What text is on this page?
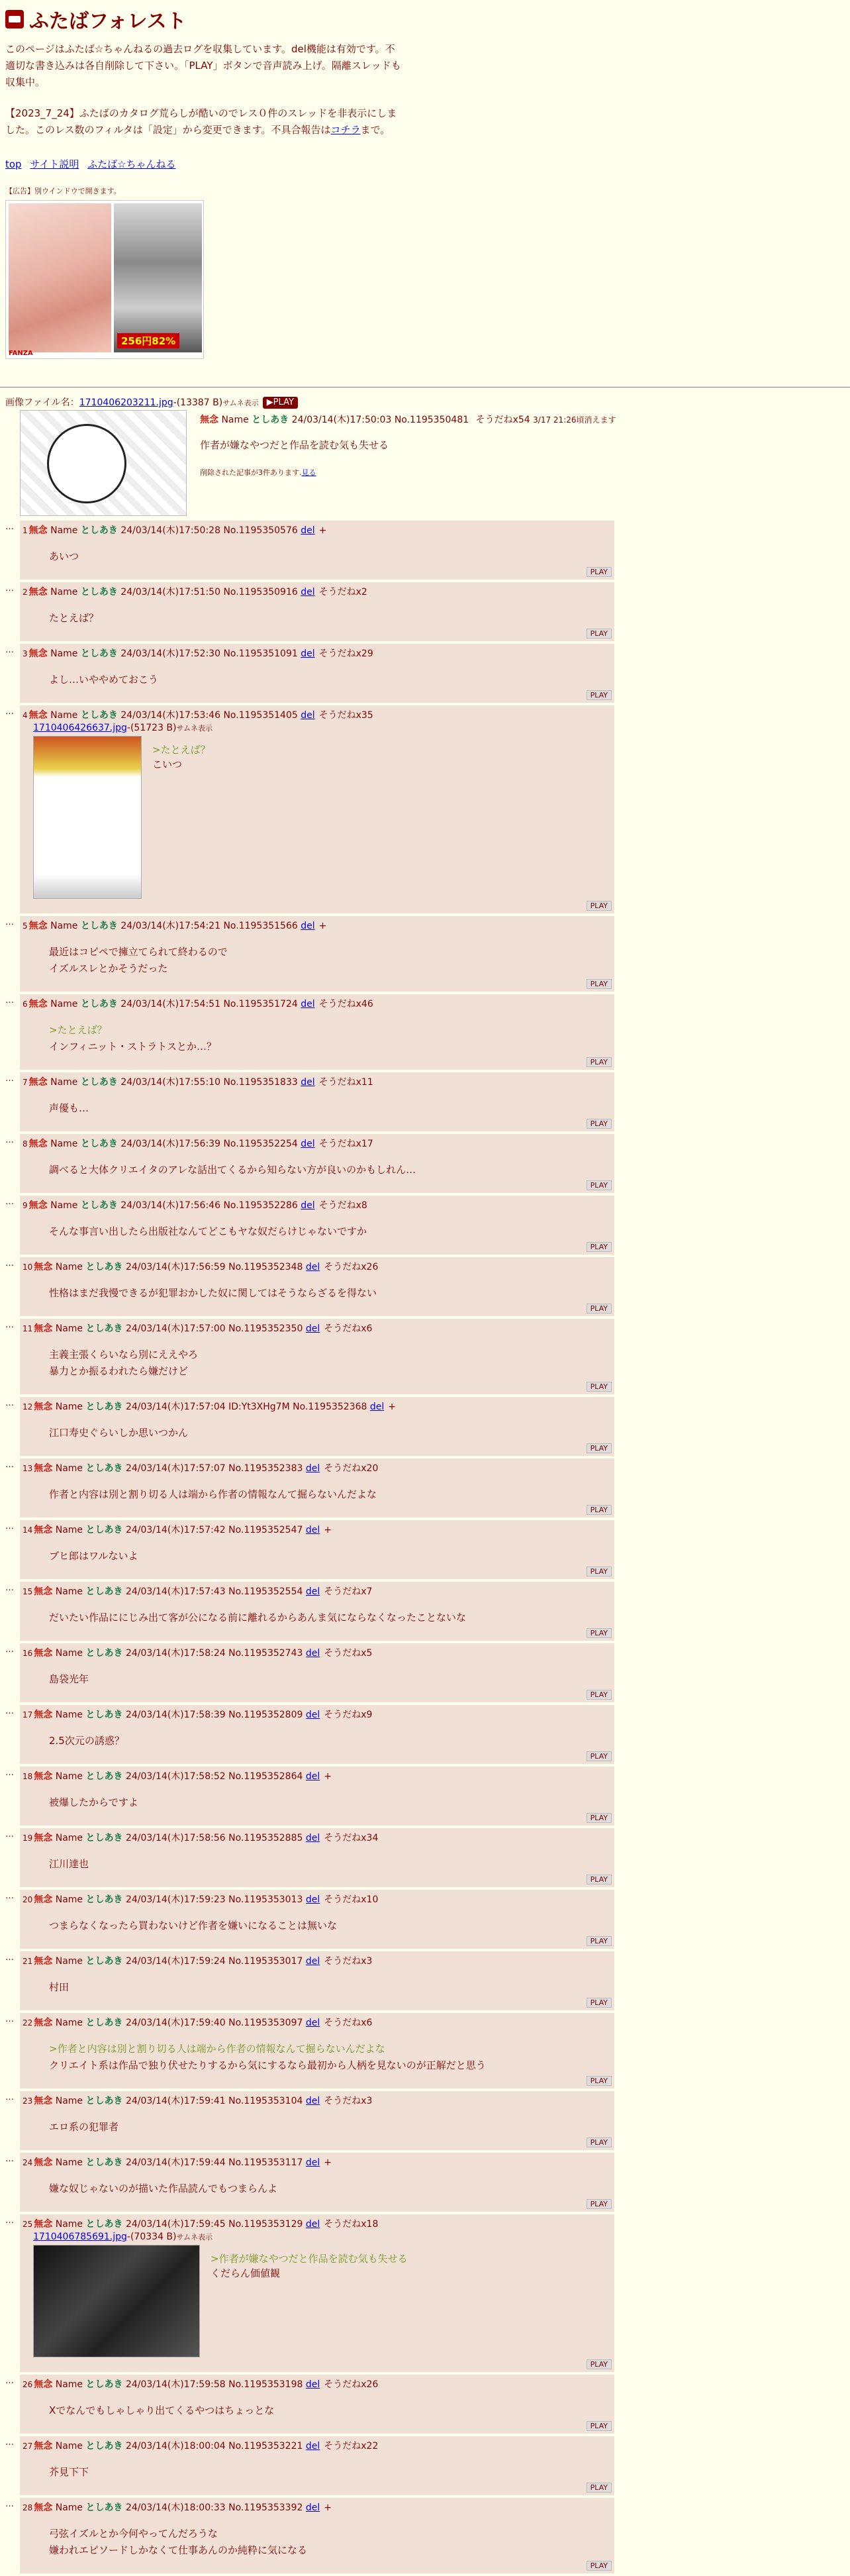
ふたばフォレスト
このページはふたば☆ちゃんねるの過去ログを収集しています。del機能は有効です。不適切な書き込みは各自削除して下さい。「PLAY」ボタンで音声読み上げ。隔離スレッドも収集中。
【2023_7_24】ふたばのカタログ荒らしが酷いのでレス０件のスレッドを非表示にしました。このレス数のフィルタは「設定」から変更できます。不具合報告はコチラまで。
top サイト説明 ふたば☆ちゃんねる
【広告】別ウインドウで開きます。
256円82%
FANZA
画像ファイル名：1710406203211.jpg-(13387 B)サムネ表示 ▶PLAY
無念 Name としあき 24/03/14(木)17:50:03 No.1195350481 そうだねx54 3/17 21:26頃消えます
作者が嫌なやつだと作品を読む気も失せる
削除された記事が3件あります.見る
…	1 無念 Name としあき 24/03/14(木)17:50:28 No.1195350576 del +
あいつ
PLAY
…	2 無念 Name としあき 24/03/14(木)17:51:50 No.1195350916 del そうだねx2
たとえば？
PLAY
…	3 無念 Name としあき 24/03/14(木)17:52:30 No.1195351091 del そうだねx29
よし…いややめておこう
PLAY
…	4 無念 Name としあき 24/03/14(木)17:53:46 No.1195351405 del そうだねx35
1710406426637.jpg-(51723 B)サムネ表示
>たとえば？
こいつ
PLAY
…	5 無念 Name としあき 24/03/14(木)17:54:21 No.1195351566 del +
最近はコピペで擁立てられて終わるので
イズルスレとかそうだった
PLAY
…	6 無念 Name としあき 24/03/14(木)17:54:51 No.1195351724 del そうだねx46
>たとえば？
インフィニット・ストラトスとか…？
PLAY
…	7 無念 Name としあき 24/03/14(木)17:55:10 No.1195351833 del そうだねx11
声優も…
PLAY
…	8 無念 Name としあき 24/03/14(木)17:56:39 No.1195352254 del そうだねx17
調べると大体クリエイタのアレな話出てくるから知らない方が良いのかもしれん…
PLAY
…	9 無念 Name としあき 24/03/14(木)17:56:46 No.1195352286 del そうだねx8
そんな事言い出したら出版社なんてどこもヤな奴だらけじゃないですか
PLAY
…	10 無念 Name としあき 24/03/14(木)17:56:59 No.1195352348 del そうだねx26
性格はまだ我慢できるが犯罪おかした奴に関してはそうならざるを得ない
PLAY
…	11 無念 Name としあき 24/03/14(木)17:57:00 No.1195352350 del そうだねx6
主義主張くらいなら別にええやろ
暴力とか振るわれたら嫌だけど
PLAY
…	12 無念 Name としあき 24/03/14(木)17:57:04 ID:Yt3XHg7M No.1195352368 del +
江口寿史ぐらいしか思いつかん
PLAY
…	13 無念 Name としあき 24/03/14(木)17:57:07 No.1195352383 del そうだねx20
作者と内容は別と割り切る人は端から作者の情報なんて掘らないんだよな
PLAY
…	14 無念 Name としあき 24/03/14(木)17:57:42 No.1195352547 del +
ブヒ郎はワルないよ
PLAY
…	15 無念 Name としあき 24/03/14(木)17:57:43 No.1195352554 del そうだねx7
だいたい作品ににじみ出て客が公になる前に離れるからあんま気にならなくなったことないな
PLAY
…	16 無念 Name としあき 24/03/14(木)17:58:24 No.1195352743 del そうだねx5
島袋光年
PLAY
…	17 無念 Name としあき 24/03/14(木)17:58:39 No.1195352809 del そうだねx9
2.5次元の誘惑？
PLAY
…	18 無念 Name としあき 24/03/14(木)17:58:52 No.1195352864 del +
被爆したからですよ
PLAY
…	19 無念 Name としあき 24/03/14(木)17:58:56 No.1195352885 del そうだねx34
江川達也
PLAY
…	20 無念 Name としあき 24/03/14(木)17:59:23 No.1195353013 del そうだねx10
つまらなくなったら買わないけど作者を嫌いになることは無いな
PLAY
…	21 無念 Name としあき 24/03/14(木)17:59:24 No.1195353017 del そうだねx3
村田
PLAY
…	22 無念 Name としあき 24/03/14(木)17:59:40 No.1195353097 del そうだねx6
>作者と内容は別と割り切る人は端から作者の情報なんて掘らないんだよな
クリエイト系は作品で独り伏せたりするから気にするなら最初から人柄を見ないのが正解だと思う
PLAY
…	23 無念 Name としあき 24/03/14(木)17:59:41 No.1195353104 del そうだねx3
エロ系の犯罪者
PLAY
…	24 無念 Name としあき 24/03/14(木)17:59:44 No.1195353117 del +
嫌な奴じゃないのが描いた作品読んでもつまらんよ
PLAY
…	25 無念 Name としあき 24/03/14(木)17:59:45 No.1195353129 del そうだねx18
1710406785691.jpg-(70334 B)サムネ表示
>作者が嫌なやつだと作品を読む気も失せる
くだらん価値観
PLAY
…	26 無念 Name としあき 24/03/14(木)17:59:58 No.1195353198 del そうだねx26
Xでなんでもしゃしゃり出てくるやつはちょっとな
PLAY
…	27 無念 Name としあき 24/03/14(木)18:00:04 No.1195353221 del そうだねx22
芥見下下
PLAY
…	28 無念 Name としあき 24/03/14(木)18:00:33 No.1195353392 del +
弓弦イズルとか今何やってんだろうな
嫌われエピソードしかなくて仕事あんのか純粋に気になる
PLAY
